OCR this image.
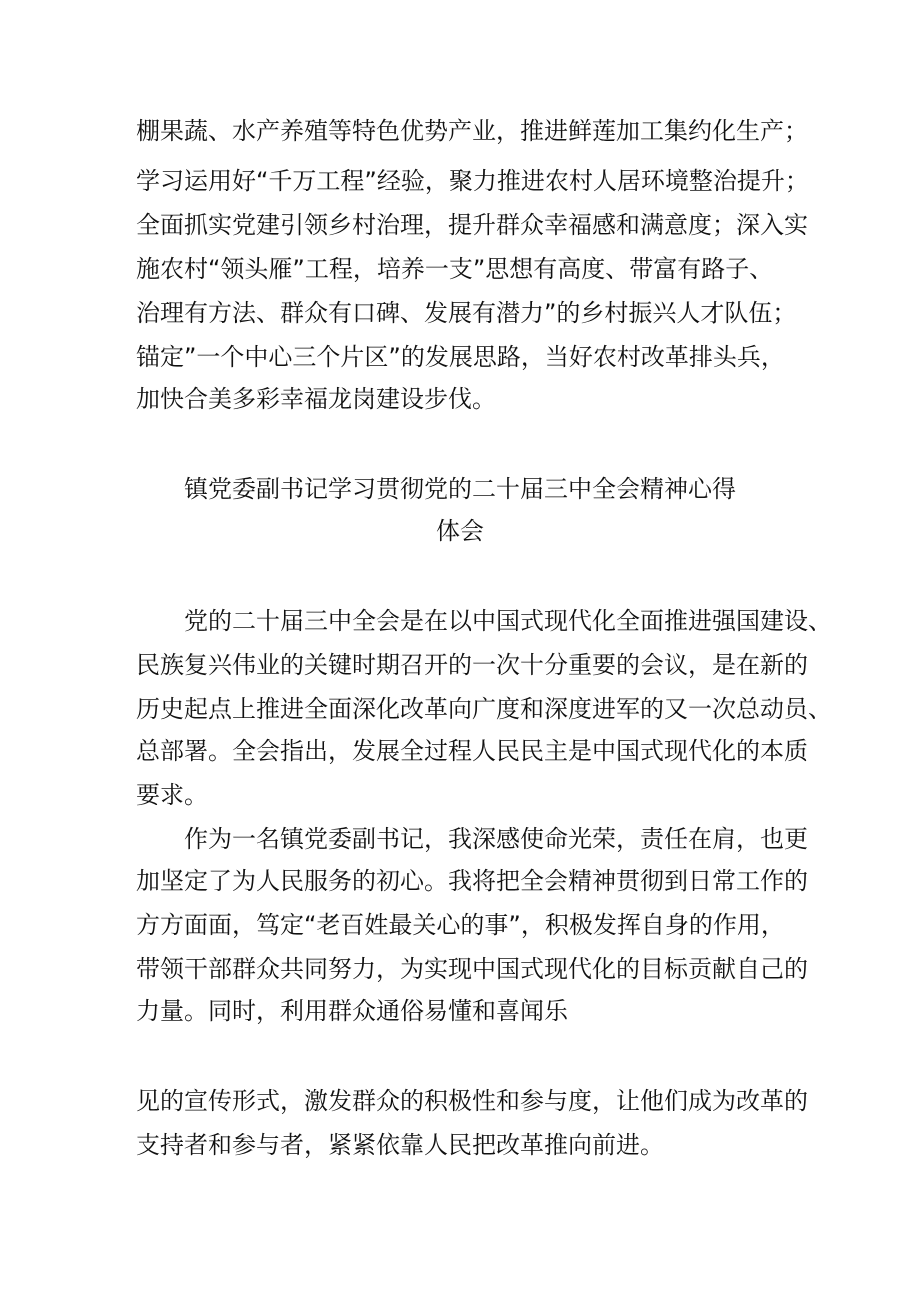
棚果蔬、水产养殖等特色优势产业，推进鲜莲加工集约化生产；
学习运用好“千万工程”经验，聚力推进农村人居环境整治提升；
全面抓实党建引领乡村治理，提升群众幸福感和满意度；深入实
施农村“领头雁”工程，培养一支”思想有高度、带富有路子、
治理有方法、群众有口碑、发展有潜力”的乡村振兴人才队伍；
锚定”一个中心三个片区”的发展思路，当好农村改革排头兵，
加快合美多彩幸福龙岗建设步伐。
镇党委副书记学习贯彻党的二十届三中全会精神心得
体会
党的二十届三中全会是在以中国式现代化全面推进强国建设、
民族复兴伟业的关键时期召开的一次十分重要的会议，是在新的
历史起点上推进全面深化改革向广度和深度进军的又一次总动员、
总部署。全会指出，发展全过程人民民主是中国式现代化的本质
要求。
作为一名镇党委副书记，我深感使命光荣，责任在肩，也更
加坚定了为人民服务的初心。我将把全会精神贯彻到日常工作的
方方面面，笃定“老百姓最关心的事”，积极发挥自身的作用，
带领干部群众共同努力，为实现中国式现代化的目标贡献自己的
力量。同时，利用群众通俗易懂和喜闻乐
见的宣传形式，激发群众的积极性和参与度，让他们成为改革的
支持者和参与者，紧紧依靠人民把改革推向前进。
